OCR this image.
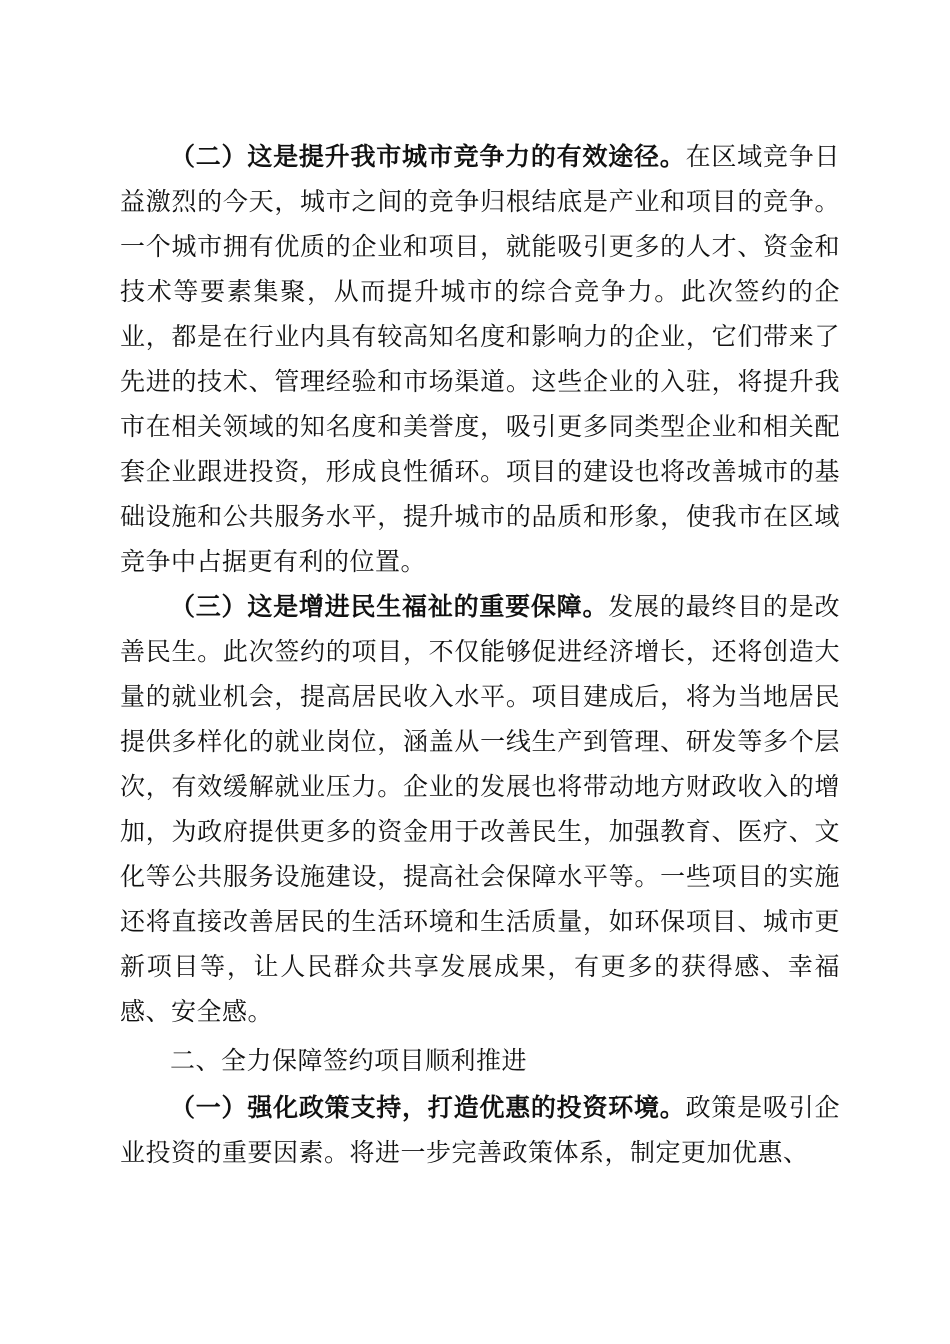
（二）这是提升我市城市竞争力的有效途径。在区域竞争日益激烈的今天，城市之间的竞争归根结底是产业和项目的竞争。一个城市拥有优质的企业和项目，就能吸引更多的人才、资金和技术等要素集聚，从而提升城市的综合竞争力。此次签约的企业，都是在行业内具有较高知名度和影响力的企业，它们带来了先进的技术、管理经验和市场渠道。这些企业的入驻，将提升我市在相关领域的知名度和美誉度，吸引更多同类型企业和相关配套企业跟进投资，形成良性循环。项目的建设也将改善城市的基础设施和公共服务水平，提升城市的品质和形象，使我市在区域竞争中占据更有利的位置。

（三）这是增进民生福祉的重要保障。发展的最终目的是改善民生。此次签约的项目，不仅能够促进经济增长，还将创造大量的就业机会，提高居民收入水平。项目建成后，将为当地居民提供多样化的就业岗位，涵盖从一线生产到管理、研发等多个层次，有效缓解就业压力。企业的发展也将带动地方财政收入的增加，为政府提供更多的资金用于改善民生，加强教育、医疗、文化等公共服务设施建设，提高社会保障水平等。一些项目的实施还将直接改善居民的生活环境和生活质量，如环保项目、城市更新项目等，让人民群众共享发展成果，有更多的获得感、幸福感、安全感。

二、全力保障签约项目顺利推进

（一）强化政策支持，打造优惠的投资环境。政策是吸引企业投资的重要因素。将进一步完善政策体系，制定更加优惠、
